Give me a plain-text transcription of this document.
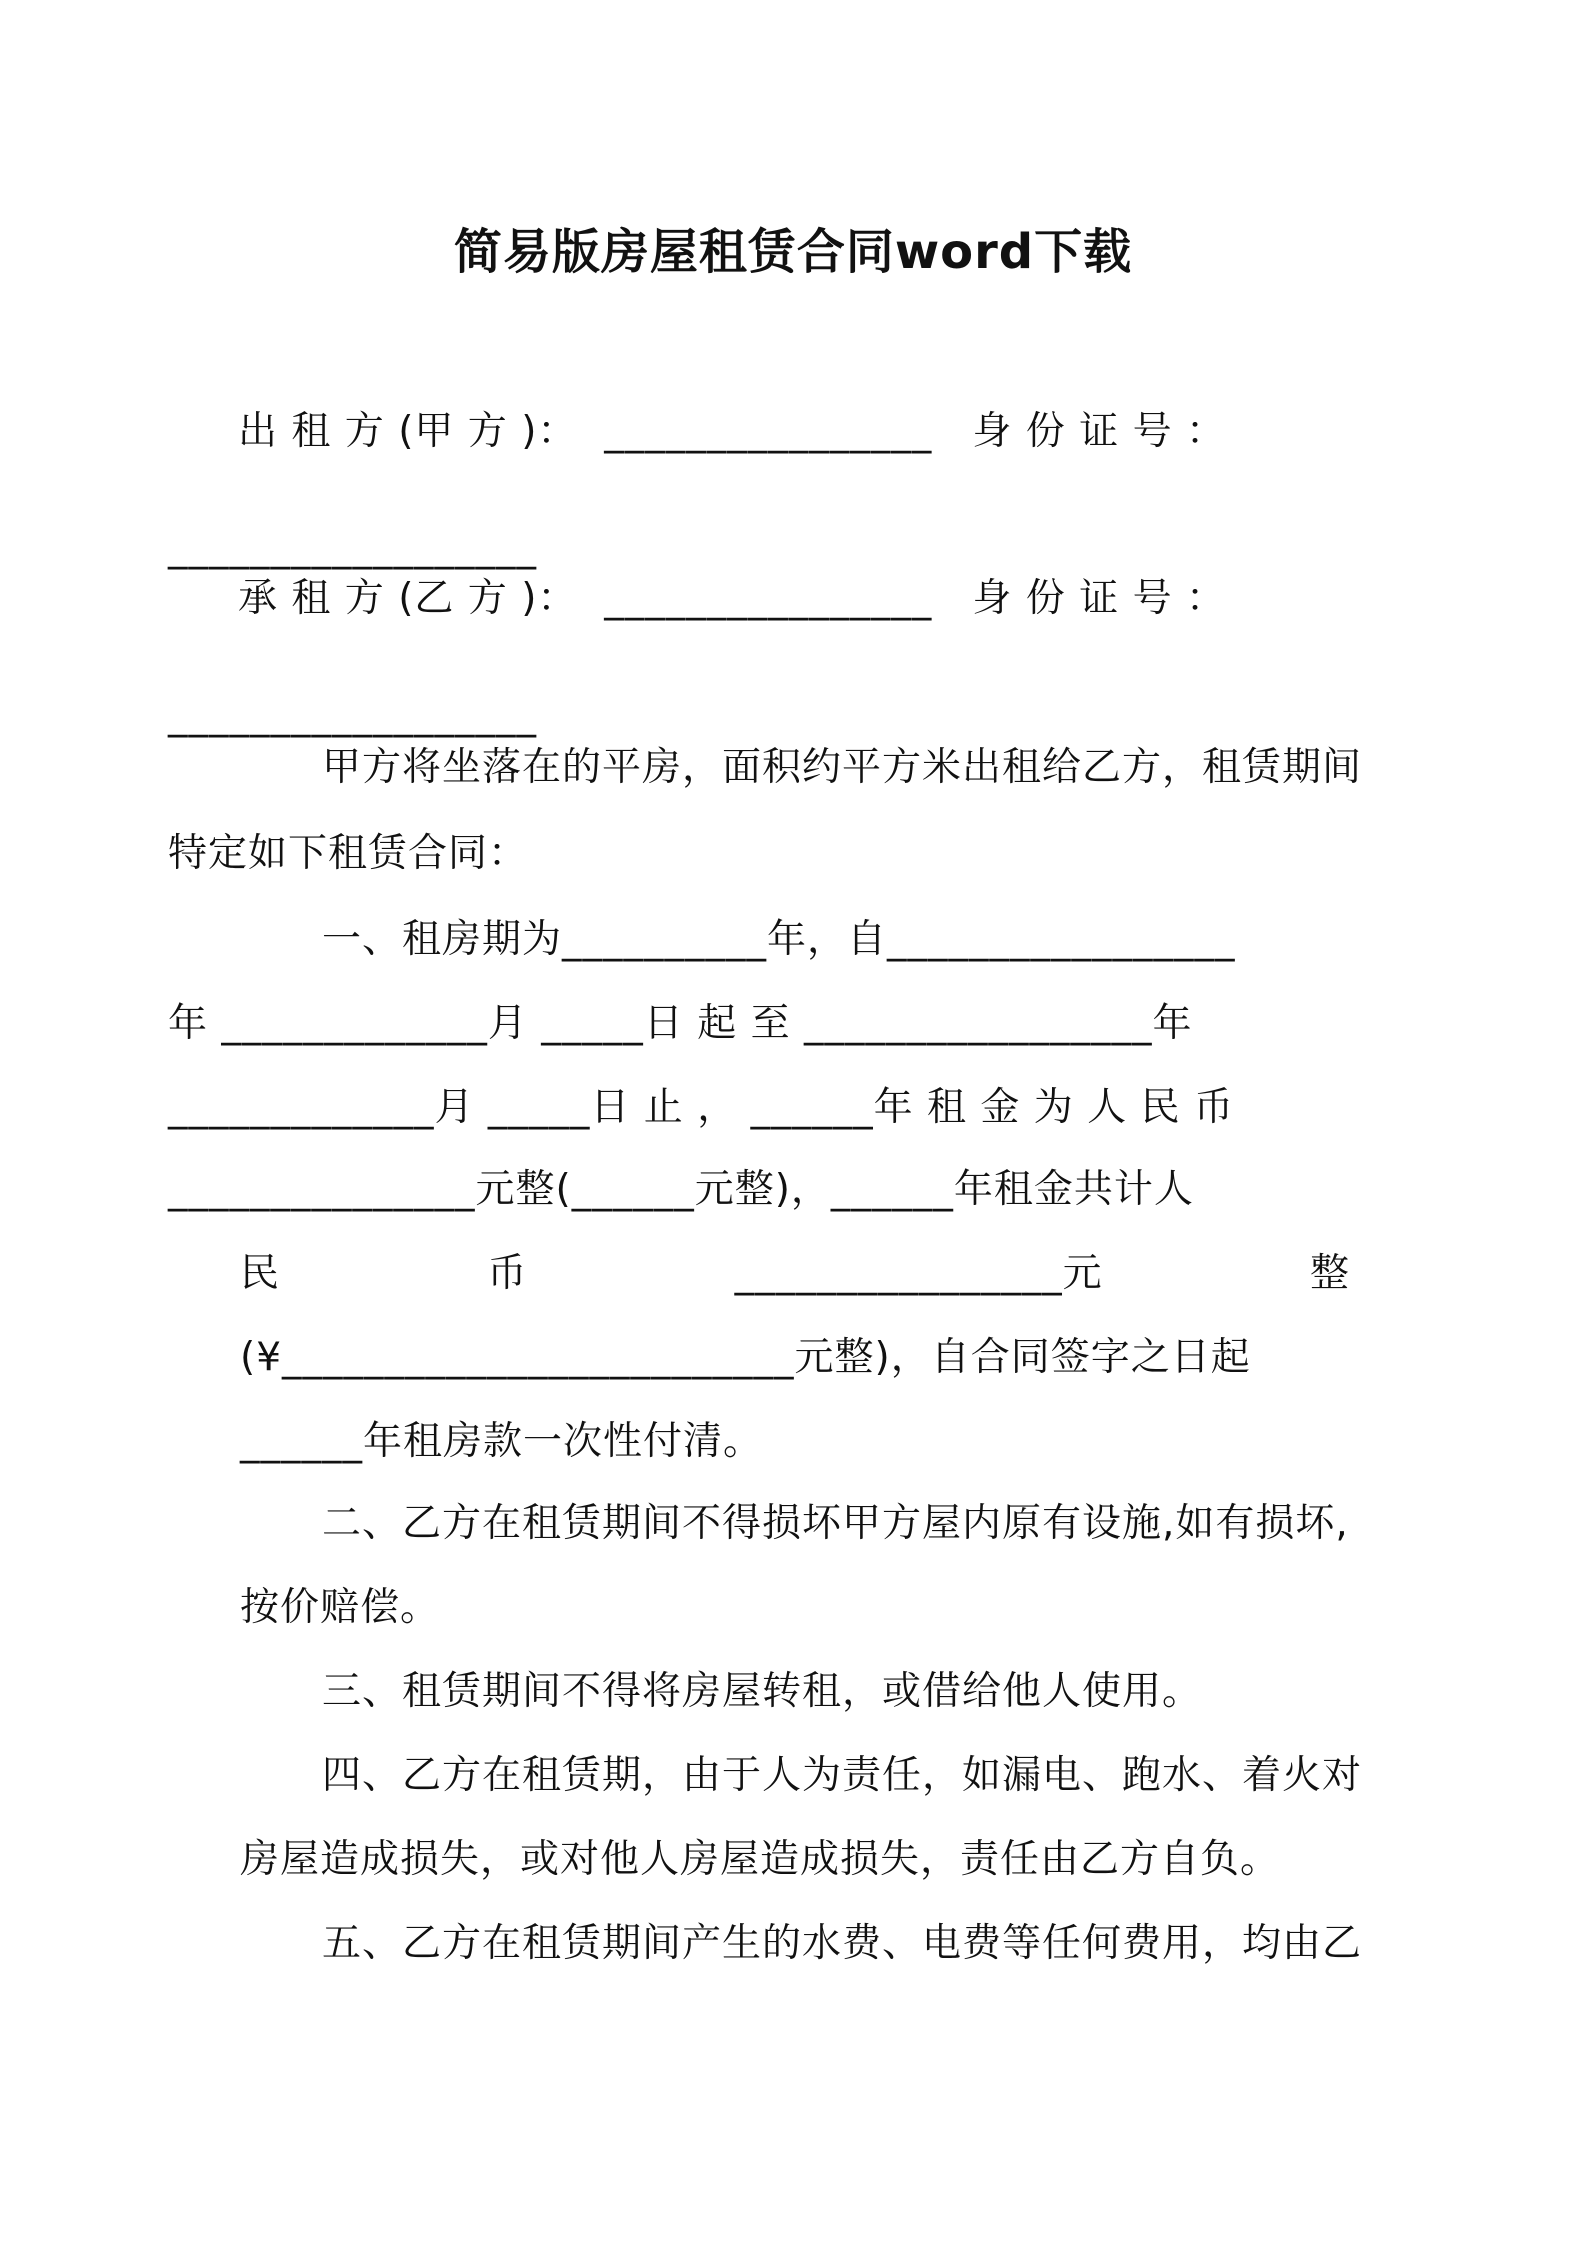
简易版房屋租赁合同word下载
出 租 方 (甲 方 )：  ________________   身 份 证 号 ：
__________________
承 租 方 (乙 方 )：  ________________   身 份 证 号 ：
__________________
甲方将坐落在的平房，面积约平方米出租给乙方，租赁期间
特定如下租赁合同：
一、租房期为__________年，自_________________
年 _____________月 _____日 起 至 _________________年
_____________月 _____日 止 ， ______年 租 金 为 人 民 币
_______________元整(______元整)，______年租金共计人
民	币	________________元	整
(¥_________________________元整)，自合同签字之日起
______年租房款一次性付清。
二、乙方在租赁期间不得损坏甲方屋内原有设施,如有损坏,
按价赔偿。
三、租赁期间不得将房屋转租，或借给他人使用。
四、乙方在租赁期，由于人为责任，如漏电、跑水、着火对
房屋造成损失，或对他人房屋造成损失，责任由乙方自负。
五、乙方在租赁期间产生的水费、电费等任何费用，均由乙
